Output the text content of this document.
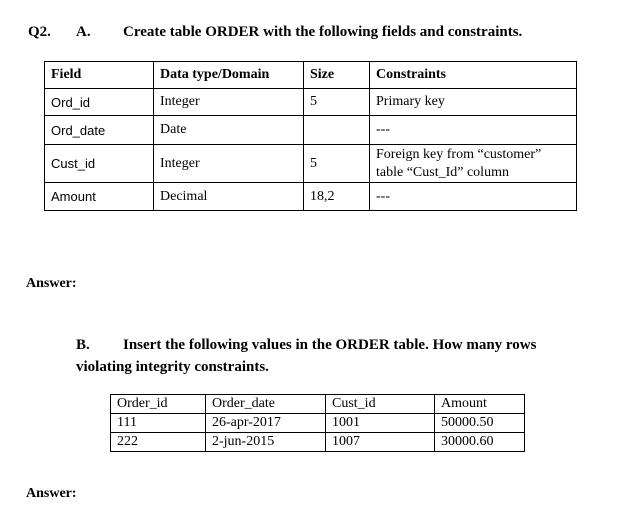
Q2. A. Create table ORDER with the following fields and constraints.
Field	Data type/Domain	Size	Constraints
Ord_id	Integer	5	Primary key
Ord_date	Date		---
Cust_id	Integer	5	Foreign key from “customer”
table “Cust_Id” column

Amount	Decimal	18,2	---
Answer:
B. Insert the following values in the ORDER table. How many rows
violating integrity constraints.
Order_id	Order_date	Cust_id	Amount
111	26-apr-2017	1001	50000.50
222	2-jun-2015	1007	30000.60
Answer:
